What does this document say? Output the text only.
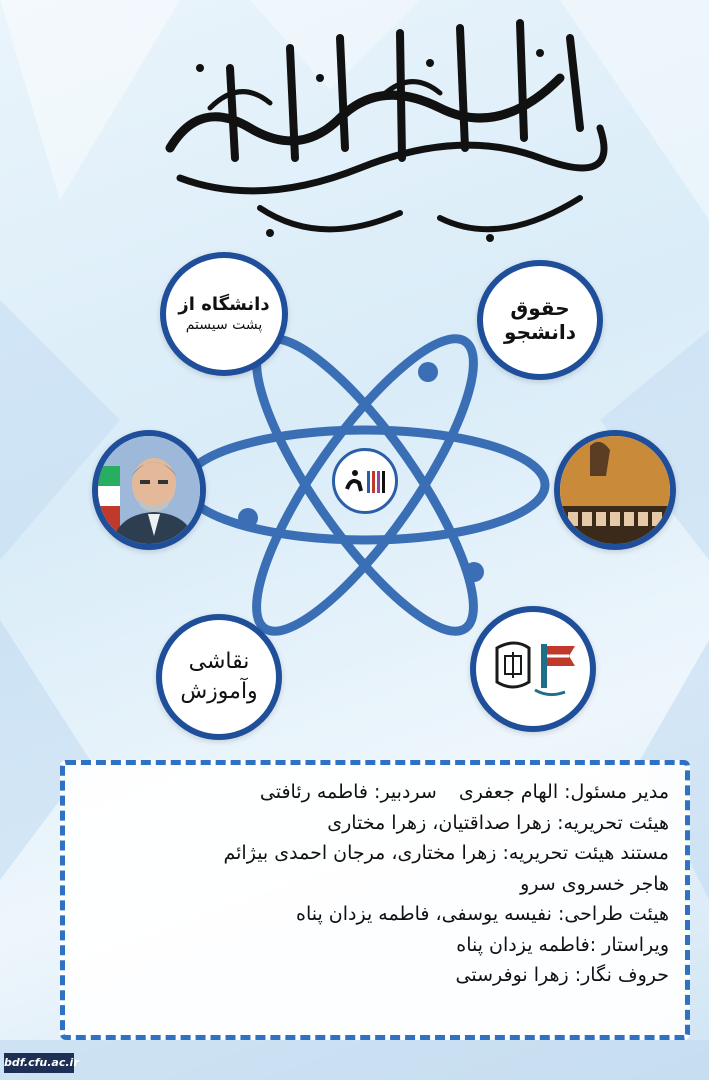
دانشگاه از
پشت سیستم
حقوق دانشجو
نقاشی
وآموزش
مدیر مسئول: الهام جعفریسردبیر: فاطمه رئافتی
هیئت تحریریه: زهرا صداقتیان، زهرا مختاری
مستند هیئت تحریریه: زهرا مختاری، مرجان احمدی بیژائم
هاجر خسروی سرو
هیئت طراحی: نفیسه یوسفی، فاطمه یزدان پناه
ویراستار :فاطمه یزدان پناه
حروف نگار: زهرا نوفرستی
bdf.cfu.ac.ir
